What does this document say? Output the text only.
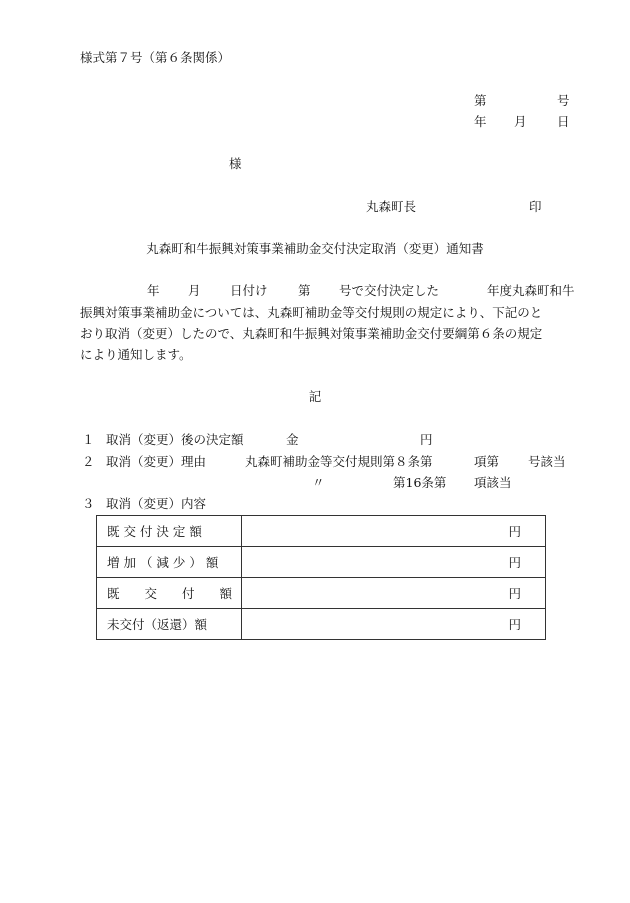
様式第７号（第６条関係）
第	号
年 月 日
様
丸森町長	印
丸森町和牛振興対策事業補助金交付決定取消（変更）通知書
年 月 日付け 第 号で交付決定した	年度丸森町和牛
振興対策事業補助金については、丸森町補助金等交付規則の規定により、下記のと
おり取消（変更）したので、丸森町和牛振興対策事業補助金交付要綱第６条の規定
により通知します。
記
１ 取消（変更）後の決定額	金	円
２ 取消（変更）理由	丸森町補助金等交付規則第８条第	項第 号該当
〃	第16条第 項該当
３ 取消（変更）内容
既 交 付 決 定 額	円
増 加 （ 減 少 ） 額	円
既　　交　　付　　額	円
未交付（返還）額	円
